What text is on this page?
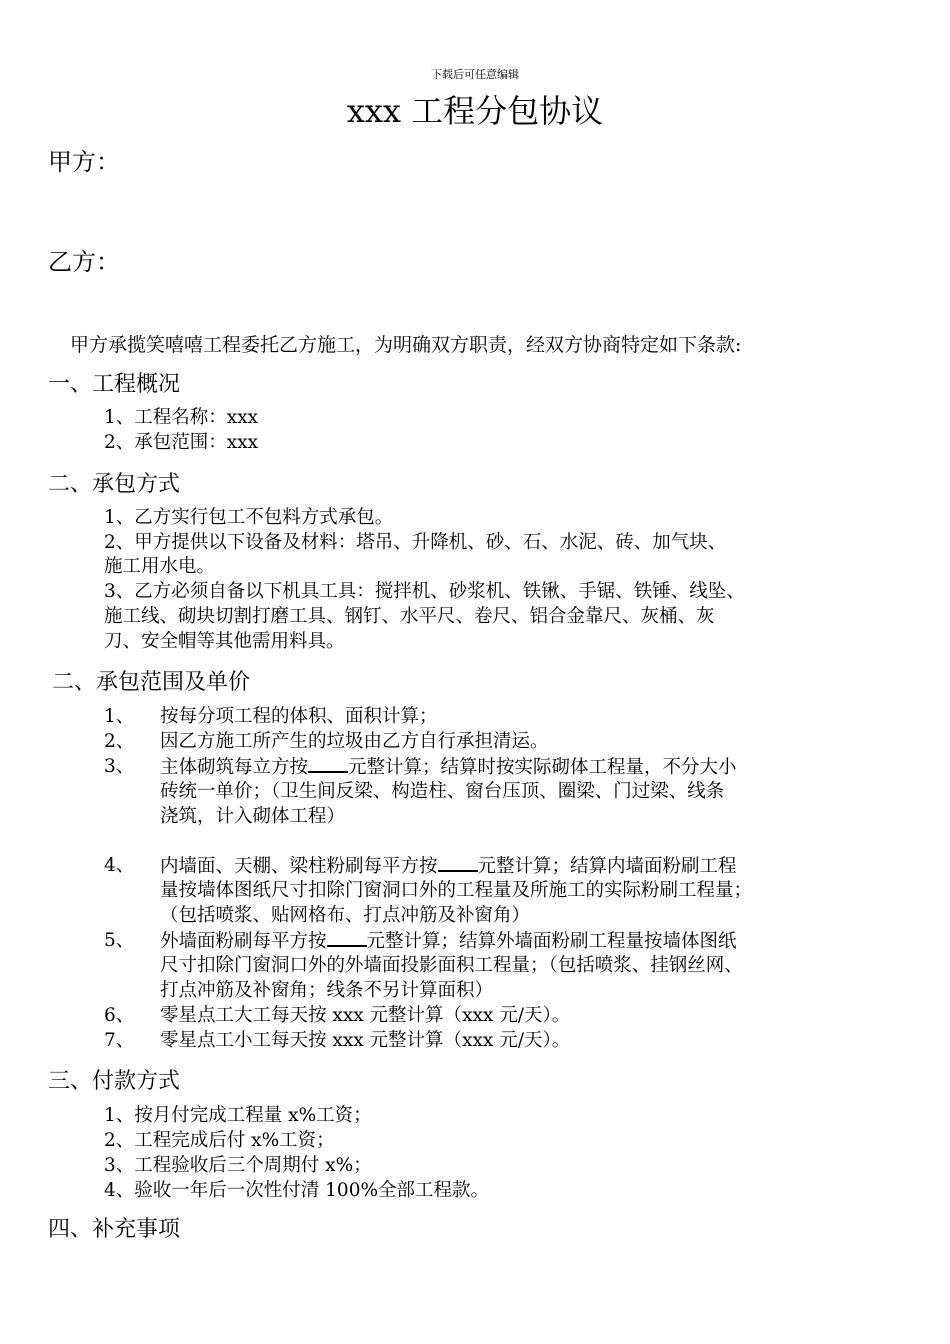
下载后可任意编辑
xxx 工程分包协议
甲方：
乙方：
甲方承揽笑嘻嘻工程委托乙方施工，为明确双方职责，经双方协商特定如下条款:
一、工程概况
1、工程名称：xxx
2、承包范围：xxx
二、承包方式
1、乙方实行包工不包料方式承包。
2、甲方提供以下设备及材料：塔吊、升降机、砂、石、水泥、砖、加气块、
施工用水电。
3、乙方必须自备以下机具工具：搅拌机、砂浆机、铁锹、手锯、铁锤、线坠、
施工线、砌块切割打磨工具、钢钉、水平尺、卷尺、铝合金靠尺、灰桶、灰
刀、安全帽等其他需用料具。
二、承包范围及单价
1、 按每分项工程的体积、面积计算；
2、 因乙方施工所产生的垃圾由乙方自行承担清运。
3、 主体砌筑每立方按 元整计算；结算时按实际砌体工程量，不分大小
砖统一单价；（卫生间反梁、构造柱、窗台压顶、圈梁、门过梁、线条
浇筑，计入砌体工程）
4、 内墙面、天棚、梁柱粉刷每平方按 元整计算；结算内墙面粉刷工程
量按墙体图纸尺寸扣除门窗洞口外的工程量及所施工的实际粉刷工程量；
（包括喷浆、贴网格布、打点冲筋及补窗角）
5、 外墙面粉刷每平方按 元整计算；结算外墙面粉刷工程量按墙体图纸
尺寸扣除门窗洞口外的外墙面投影面积工程量；（包括喷浆、挂钢丝网、
打点冲筋及补窗角；线条不另计算面积）
6、 零星点工大工每天按 xxx 元整计算（xxx 元/天）。
7、 零星点工小工每天按 xxx 元整计算（xxx 元/天）。
三、付款方式
1、按月付完成工程量 x%工资；
2、工程完成后付 x%工资；
3、工程验收后三个周期付 x%；
4、验收一年后一次性付清 100%全部工程款。
四、补充事项
